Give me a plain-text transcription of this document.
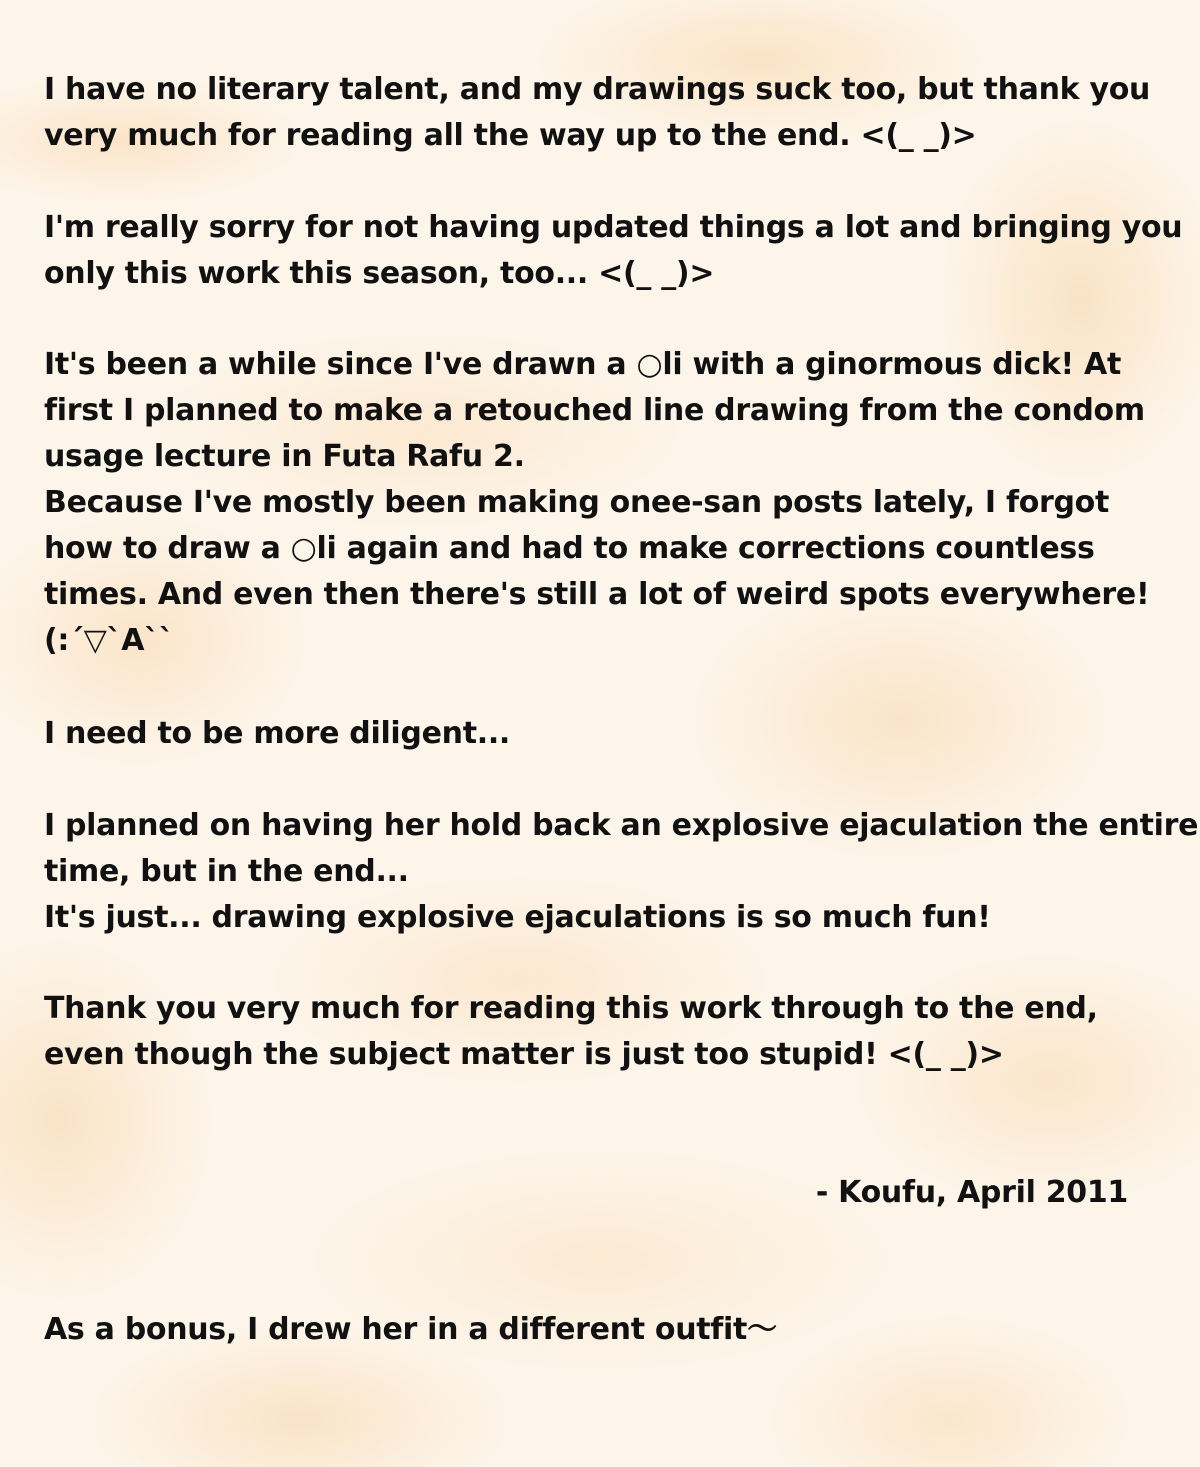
I have no literary talent, and my drawings suck too, but thank you
very much for reading all the way up to the end. <(_ _)>
I'm really sorry for not having updated things a lot and bringing you
only this work this season, too... <(_ _)>
It's been a while since I've drawn a ○li with a ginormous dick! At
first I planned to make a retouched line drawing from the condom
usage lecture in Futa Rafu 2.
Because I've mostly been making onee-san posts lately, I forgot
how to draw a ○li again and had to make corrections countless
times. And even then there's still a lot of weird spots everywhere!
(:´▽`A``
I need to be more diligent...
I planned on having her hold back an explosive ejaculation the entire
time, but in the end...
It's just... drawing explosive ejaculations is so much fun!
Thank you very much for reading this work through to the end,
even though the subject matter is just too stupid! <(_ _)>
- Koufu, April 2011
As a bonus, I drew her in a different outfit〜
